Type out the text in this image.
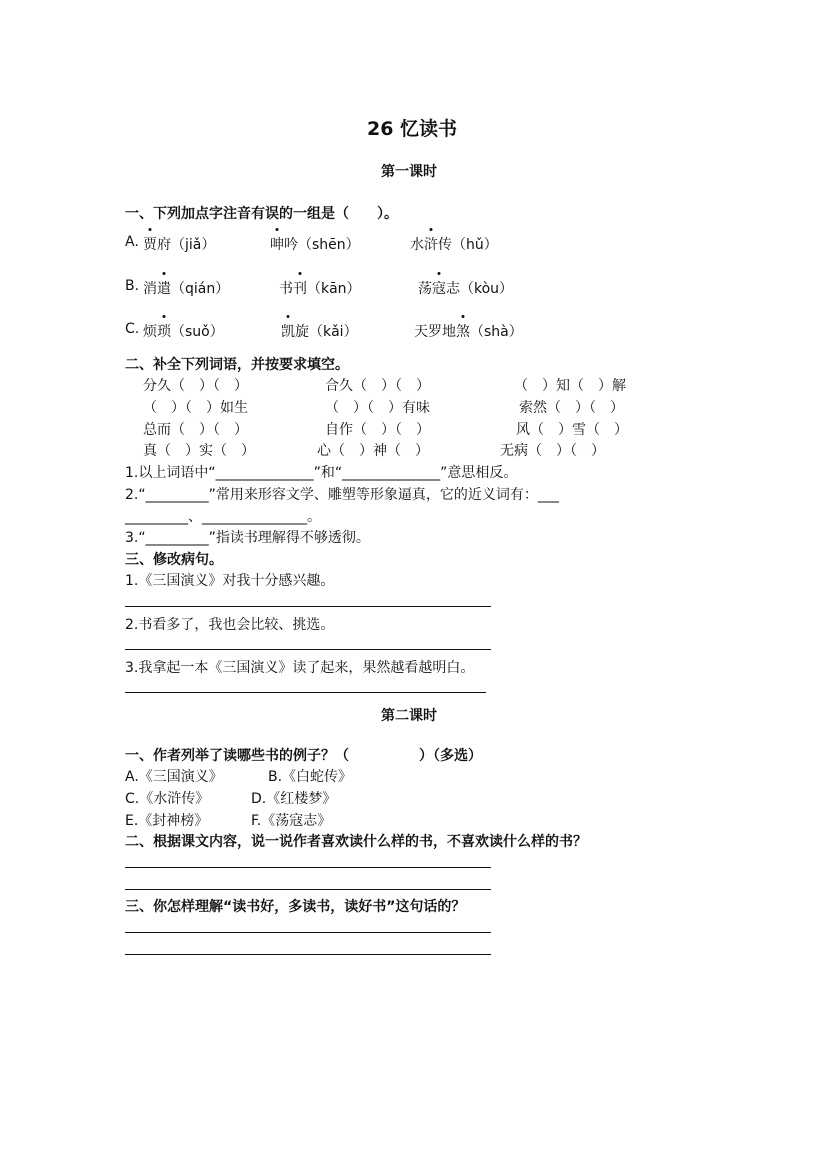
26 忆读书
第一课时
一、下列加点字注音有误的一组是（　　）。
A. 贾府（jiǎ）	呻吟（shēn）	水浒传（hǔ）
B. 消遣（qián）	书刊（kān）	荡寇志（kòu）
C. 烦琐（suǒ）	凯旋（kǎi）	天罗地煞（shà）
二、补全下列词语，并按要求填空。
分久（　）（　）	合久（　）（　）	（　）知（　）解
（　）（　）如生	（　）（　）有味	索然（　）（　）
总而（　）（　）	自作（　）（　）	风（　）雪（　）
真（　）实（　）	心（　）神（　）	无病（　）（　）
1.以上词语中“______________”和“______________”意思相反。
2.“_________”常用来形容文学、雕塑等形象逼真，它的近义词有：___
_________、_______________。
3.“_________”指读书理解得不够透彻。
三、修改病句。
1.《三国演义》对我十分感兴趣。
2.书看多了，我也会比较、挑选。
3.我拿起一本《三国演义》读了起来，果然越看越明白。
第二课时
一、作者列举了读哪些书的例子？（　　　　　）（多选）
A.《三国演义》	B.《白蛇传》
C.《水浒传》	D.《红楼梦》
E.《封神榜》	F.《荡寇志》
二、根据课文内容，说一说作者喜欢读什么样的书，不喜欢读什么样的书？
三、你怎样理解“读书好，多读书，读好书”这句话的？
